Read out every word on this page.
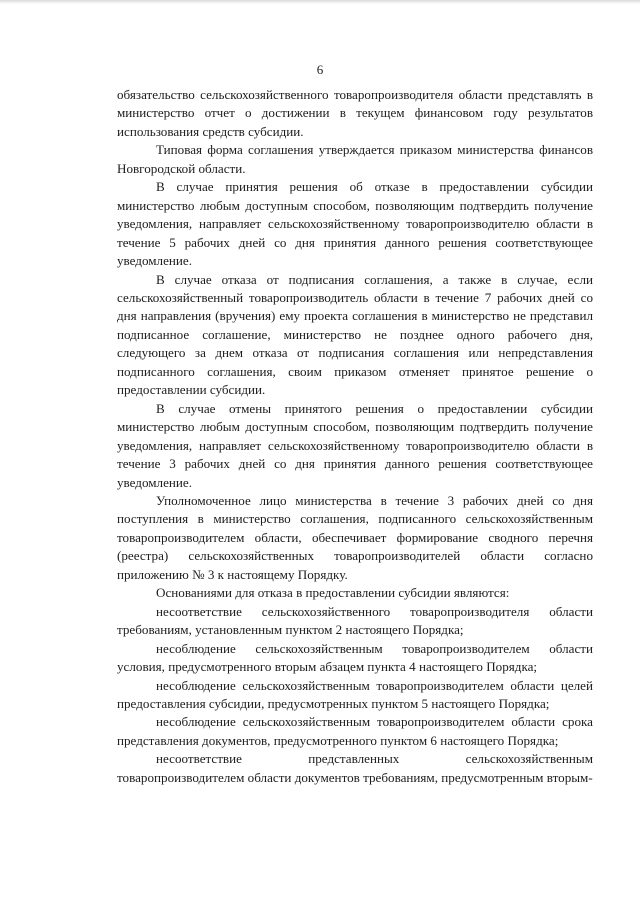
6

обязательство сельскохозяйственного товаропроизводителя области представлять в министерство отчет о достижении в текущем финансовом году результатов использования средств субсидии.

Типовая форма соглашения утверждается приказом министерства финансов Новгородской области.

В случае принятия решения об отказе в предоставлении субсидии министерство любым доступным способом, позволяющим подтвердить получение уведомления, направляет сельскохозяйственному товаропроизводителю области в течение 5 рабочих дней со дня принятия данного решения соответствующее уведомление.

В случае отказа от подписания соглашения, а также в случае, если сельскохозяйственный товаропроизводитель области в течение 7 рабочих дней со дня направления (вручения) ему проекта соглашения в министерство не представил подписанное соглашение, министерство не позднее одного рабочего дня, следующего за днем отказа от подписания соглашения или непредставления подписанного соглашения, своим приказом отменяет принятое решение о предоставлении субсидии.

В случае отмены принятого решения о предоставлении субсидии министерство любым доступным способом, позволяющим подтвердить получение уведомления, направляет сельскохозяйственному товаропроизводителю области в течение 3 рабочих дней со дня принятия данного решения соответствующее уведомление.

Уполномоченное лицо министерства в течение 3 рабочих дней со дня поступления в министерство соглашения, подписанного сельскохозяйственным товаропроизводителем области, обеспечивает формирование сводного перечня (реестра) сельскохозяйственных товаропроизводителей области согласно приложению № 3 к настоящему Порядку.

Основаниями для отказа в предоставлении субсидии являются:

несоответствие сельскохозяйственного товаропроизводителя области требованиям, установленным пунктом 2 настоящего Порядка;

несоблюдение сельскохозяйственным товаропроизводителем области условия, предусмотренного вторым абзацем пункта 4 настоящего Порядка;

несоблюдение сельскохозяйственным товаропроизводителем области целей предоставления субсидии, предусмотренных пунктом 5 настоящего Порядка;

несоблюдение сельскохозяйственным товаропроизводителем области срока представления документов, предусмотренного пунктом 6 настоящего Порядка;

несоответствие представленных сельскохозяйственным товаропроизводителем области документов требованиям, предусмотренным вторым-
